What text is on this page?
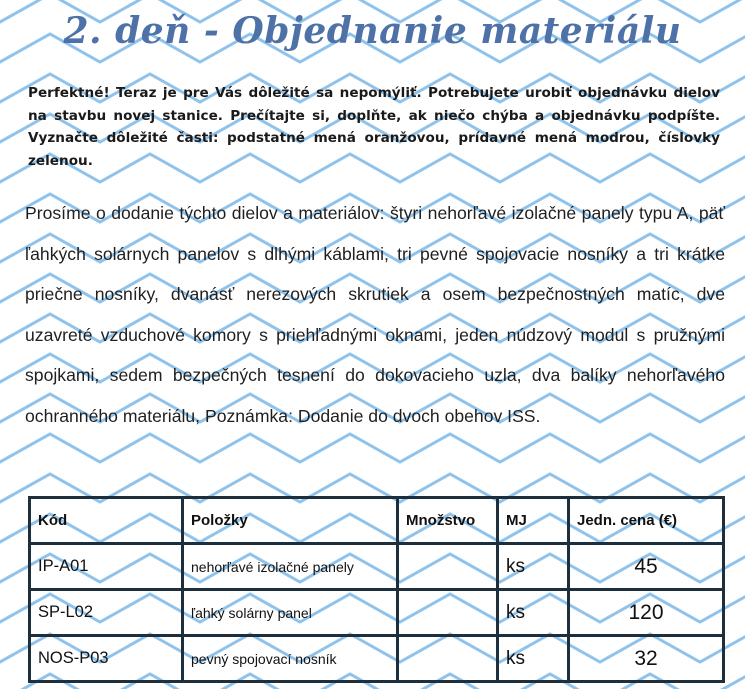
2. deň - Objednanie materiálu

Perfektné! Teraz je pre Vás dôležité sa nepomýliť. Potrebujete urobiť objednávku dielov na stavbu novej stanice. Prečítajte si, doplňte, ak niečo chýba a objednávku podpíšte. Vyznačte dôležité časti: podstatné mená oranžovou, prídavné mená modrou, číslovky zelenou.

Prosíme o dodanie týchto dielov a materiálov: štyri nehorľavé izolačné panely typu A, päť ľahkých solárnych panelov s dlhými káblami, tri pevné spojovacie nosníky a tri krátke priečne nosníky, dvanásť nerezových skrutiek a osem bezpečnostných matíc, dve uzavreté vzduchové komory s priehľadnými oknami, jeden núdzový modul s pružnými spojkami, sedem bezpečných tesnení do dokovacieho uzla, dva balíky nehorľavého ochranného materiálu, Poznámka: Dodanie do dvoch obehov ISS.

Kód	Položky	Množstvo	MJ	Jedn. cena (€)
IP-A01	nehorľavé izolačné panely		ks	45
SP-L02	ľahký solárny panel		ks	120
NOS-P03	pevný spojovací nosník		ks	32
